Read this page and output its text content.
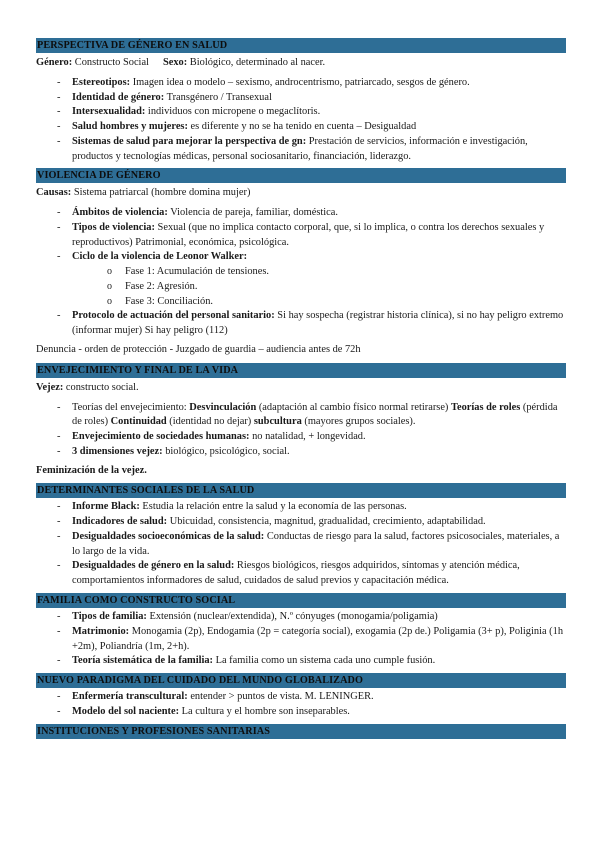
PERSPECTIVA DE GÉNERO EN SALUD
Género: Constructo Social Sexo: Biológico, determinado al nacer.
- Estereotipos: Imagen idea o modelo – sexismo, androcentrismo, patriarcado, sesgos de género.
- Identidad de género: Transgénero / Transexual
- Intersexualidad: individuos con micropene o megaclítoris.
- Salud hombres y mujeres: es diferente y no se ha tenido en cuenta – Desigualdad
- Sistemas de salud para mejorar la perspectiva de gn: Prestación de servicios, información e investigación, productos y tecnologías médicas, personal sociosanitario, financiación, liderazgo.
VIOLENCIA DE GÉNERO
Causas: Sistema patriarcal (hombre domina mujer)
- Ámbitos de violencia: Violencia de pareja, familiar, doméstica.
- Tipos de violencia: Sexual (que no implica contacto corporal, que, si lo implica, o contra los derechos sexuales y reproductivos) Patrimonial, económica, psicológica.
- Ciclo de la violencia de Leonor Walker:
o Fase 1: Acumulación de tensiones.
o Fase 2: Agresión.
o Fase 3: Conciliación.
- Protocolo de actuación del personal sanitario: Si hay sospecha (registrar historia clínica), si no hay peligro extremo (informar mujer) Si hay peligro (112)
Denuncia - orden de protección - Juzgado de guardia – audiencia antes de 72h
ENVEJECIMIENTO Y FINAL DE LA VIDA
Vejez: constructo social.
- Teorías del envejecimiento: Desvinculación (adaptación al cambio físico normal retirarse) Teorías de roles (pérdida de roles) Continuidad (identidad no dejar) subcultura (mayores grupos sociales).
- Envejecimiento de sociedades humanas: no natalidad, + longevidad.
- 3 dimensiones vejez: biológico, psicológico, social.
Feminización de la vejez.
DETERMINANTES SOCIALES DE LA SALUD
- Informe Black: Estudia la relación entre la salud y la economía de las personas.
- Indicadores de salud: Ubicuidad, consistencia, magnitud, gradualidad, crecimiento, adaptabilidad.
- Desigualdades socioeconómicas de la salud: Conductas de riesgo para la salud, factores psicosociales, materiales, a lo largo de la vida.
- Desigualdades de género en la salud: Riesgos biológicos, riesgos adquiridos, síntomas y atención médica, comportamientos informadores de salud, cuidados de salud previos y capacitación médica.
FAMILIA COMO CONSTRUCTO SOCIAL
- Tipos de familia: Extensión (nuclear/extendida), N.º cónyuges (monogamia/poligamia)
- Matrimonio: Monogamia (2p), Endogamia (2p = categoría social), exogamia (2p de.) Poligamia (3+ p), Poliginia (1h +2m), Poliandría (1m, 2+h).
- Teoría sistemática de la familia: La familia como un sistema cada uno cumple fusión.
NUEVO PARADIGMA DEL CUIDADO DEL MUNDO GLOBALIZADO
- Enfermería transcultural: entender > puntos de vista. M. LENINGER.
- Modelo del sol naciente: La cultura y el hombre son inseparables.
INSTITUCIONES Y PROFESIONES SANITARIAS
